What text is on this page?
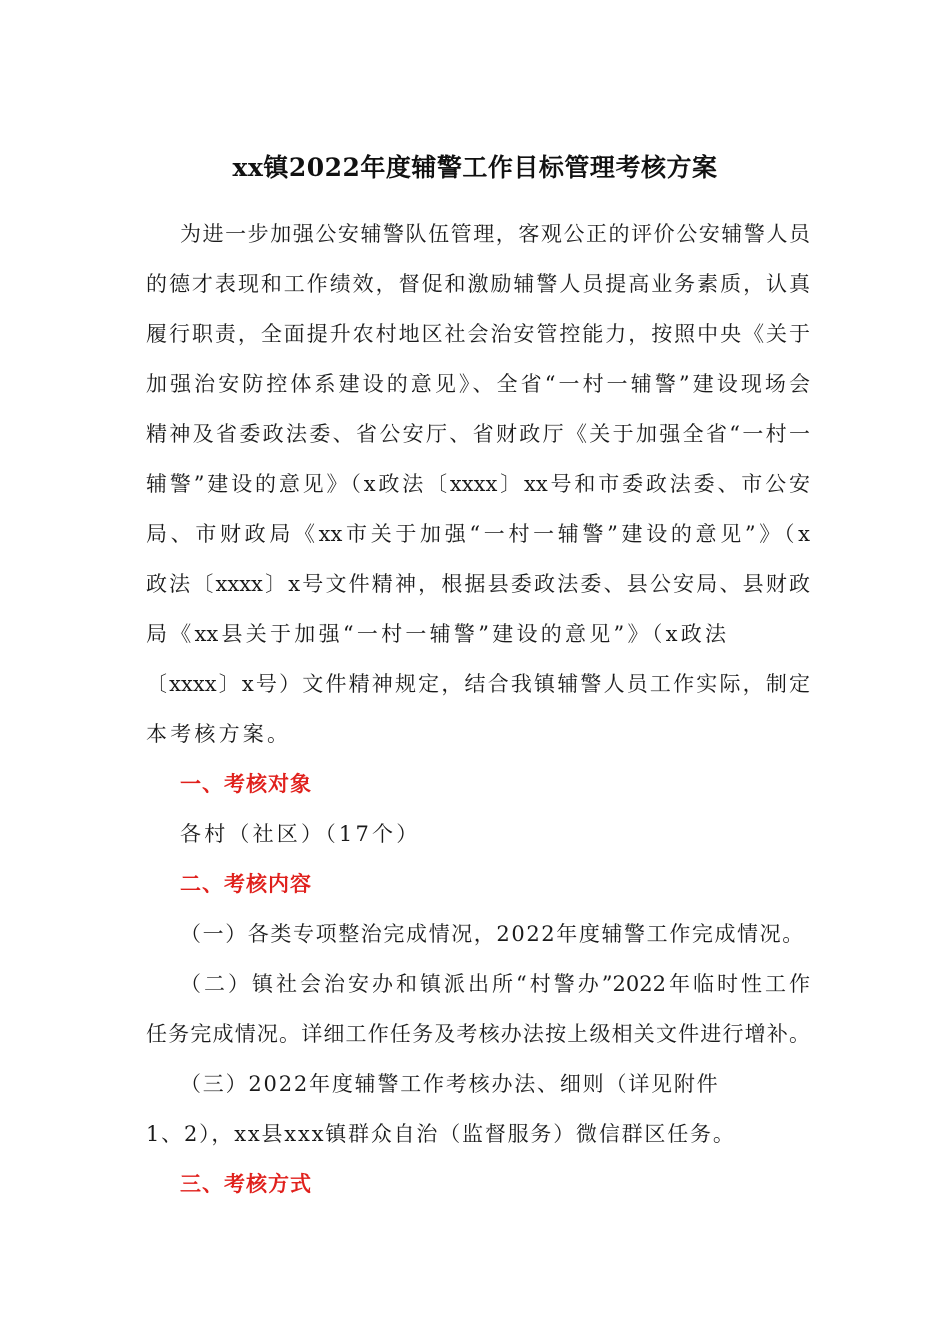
xx镇2022年度辅警工作目标管理考核方案
为进一步加强公安辅警队伍管理，客观公正的评价公安辅警人员
的德才表现和工作绩效，督促和激励辅警人员提高业务素质，认真
履行职责，全面提升农村地区社会治安管控能力，按照中央《关于
加强治安防控体系建设的意见》、全省“一村一辅警”建设现场会
精神及省委政法委、省公安厅、省财政厅《关于加强全省“一村一
辅警”建设的意见》（x政法〔xxxx〕xx号和市委政法委、市公安
局、市财政局《xx市关于加强“一村一辅警”建设的意见”》（x
政法〔xxxx〕x号文件精神，根据县委政法委、县公安局、县财政
局《xx县关于加强“一村一辅警”建设的意见”》（x政法
〔xxxx〕x号）文件精神规定，结合我镇辅警人员工作实际，制定
本考核方案。
一、考核对象
各村（社区）（17个）
二、考核内容
（一）各类专项整治完成情况，2022年度辅警工作完成情况。
（二）镇社会治安办和镇派出所“村警办”2022年临时性工作
任务完成情况。详细工作任务及考核办法按上级相关文件进行增补。
（三）2022年度辅警工作考核办法、细则（详见附件
1、2），xx县xxx镇群众自治（监督服务）微信群区任务。
三、考核方式
